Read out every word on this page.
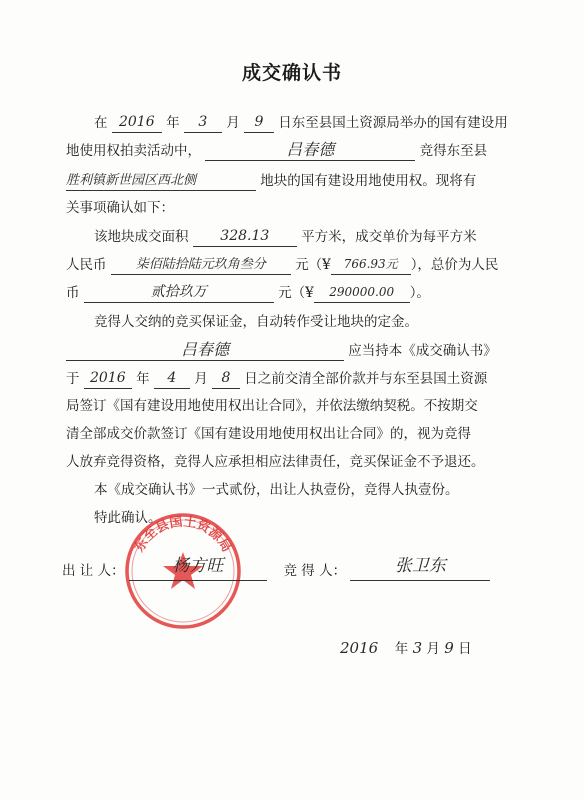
成交确认书
在 2016 年 3 月 9 日东至县国土资源局举办的国有建设用
地使用权拍卖活动中，	吕春德	竞得东至县
胜利镇新世园区西北侧	地块的国有建设用地使用权。现将有
关事项确认如下：
该地块成交面积 328.13 平方米，成交单价为每平方米
人民币 柒佰陆拾陆元玖角叁分 元（¥ 766.93元 ），总价为人民
币	贰拾玖万	元（¥ 290000.00 ）。
竞得人交纳的竞买保证金，自动转作受让地块的定金。
吕春德	应当持本《成交确认书》
于 2016 年 4 月 8 日之前交清全部价款并与东至县国土资源
局签订《国有建设用地使用权出让合同》，并依法缴纳契税。不按期交
清全部成交价款签订《国有建设用地使用权出让合同》的，视为竞得
人放弃竞得资格，竞得人应承担相应法律责任，竞买保证金不予退还。
本《成交确认书》一式贰份，出让人执壹份，竞得人执壹份。
特此确认。
东至县国土资源局
出 让 人：	杨方旺	竞 得 人：	张卫东
2016 年 3 月 9 日
